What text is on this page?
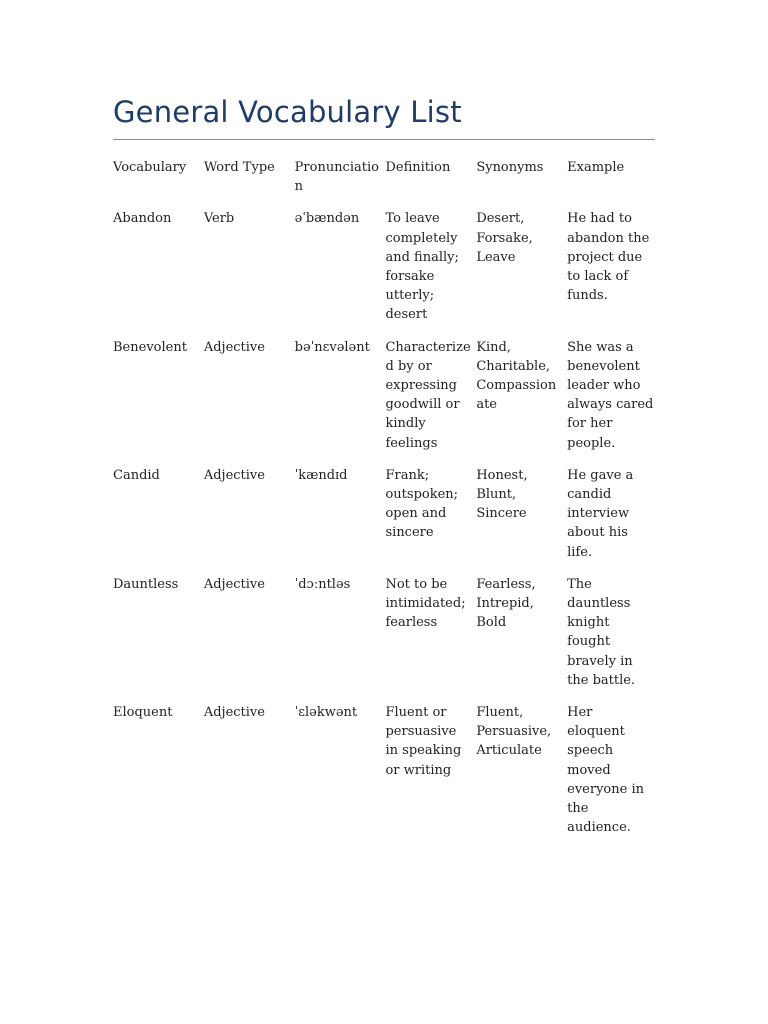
General Vocabulary List
Vocabulary	Word Type	Pronunciation	Definition	Synonyms	Example
Abandon	Verb	əˈbændən	To leave completely and finally; forsake utterly; desert	Desert, Forsake, Leave	He had to abandon the project due to lack of funds.
Benevolent	Adjective	bəˈnɛvələnt	Characterized by or expressing goodwill or kindly feelings	Kind, Charitable, Compassionate	She was a benevolent leader who always cared for her people.
Candid	Adjective	ˈkændɪd	Frank; outspoken; open and sincere	Honest, Blunt, Sincere	He gave a candid interview about his life.
Dauntless	Adjective	ˈdɔːntləs	Not to be intimidated; fearless	Fearless, Intrepid, Bold	The dauntless knight fought bravely in the battle.
Eloquent	Adjective	ˈɛləkwənt	Fluent or persuasive in speaking or writing	Fluent, Persuasive, Articulate	Her eloquent speech moved everyone in the audience.
